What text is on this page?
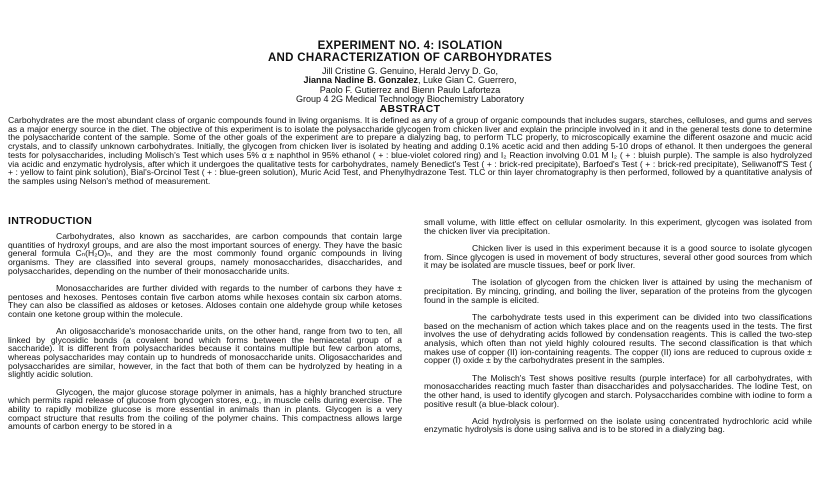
EXPERIMENT NO. 4: ISOLATION
AND CHARACTERIZATION OF CARBOHYDRATES
Jill Cristine G. Genuino, Herald Jervy D. Go,
Jianna Nadine B. Gonzalez, Luke Gian C. Guerrero,
Paolo F. Gutierrez and Bienn Paulo Laforteza
Group 4 2G Medical Technology Biochemistry Laboratory
ABSTRACT
Carbohydrates are the most abundant class of organic compounds found in living organisms. It is defined as any of a group of organic compounds that includes sugars, starches, celluloses, and gums and serves as a major energy source in the diet. The objective of this experiment is to isolate the polysaccharide glycogen from chicken liver and explain the principle involved in it and in the general tests done to determine the polysaccharide content of the sample. Some of the other goals of the experiment are to prepare a dialyzing bag, to perform TLC properly, to microscopically examine the different osazone and mucic acid crystals, and to classify unknown carbohydrates. Initially, the glycogen from chicken liver is isolated by heating and adding 0.1% acetic acid and then adding 5-10 drops of ethanol. It then undergoes the general tests for polysaccharides, including Molisch's Test which uses 5% α ± naphthol in 95% ethanol ( + : blue-violet colored ring) and I₂ Reaction involving 0.01 M I₂ ( + : bluish purple). The sample is also hydrolyzed via acidic and enzymatic hydrolysis, after which it undergoes the qualitative tests for carbohydrates, namely Benedict's Test ( + : brick-red precipitate), Barfoed's Test ( + : brick-red precipitate), Seliwanoff'S Test ( + : yellow to faint pink solution), Bial's-Orcinol Test ( + : blue-green solution), Muric Acid Test, and Phenylhydrazone Test. TLC or thin layer chromatography is then performed, followed by a quantitative analysis of the samples using Nelson's method of measurement.
INTRODUCTION

Carbohydrates, also known as saccharides, are carbon compounds that contain large quantities of hydroxyl groups, and are also the most important sources of energy. They have the basic general formula Cₙ(H₂O)ₙ, and they are the most commonly found organic compounds in living organisms. They are classified into several groups, namely monosaccharides, disaccharides, and polysaccharides, depending on the number of their monosaccharide units.

Monosaccharides are further divided with regards to the number of carbons they have ± pentoses and hexoses. Pentoses contain five carbon atoms while hexoses contain six carbon atoms. They can also be classified as aldoses or ketoses. Aldoses contain one aldehyde group while ketoses contain one ketone group within the molecule.

An oligosaccharide's monosaccharide units, on the other hand, range from two to ten, all linked by glycosidic bonds (a covalent bond which forms between the hemiacetal group of a saccharide). It is different from polysaccharides because it contains multiple but few carbon atoms, whereas polysaccharides may contain up to hundreds of monosaccharide units. Oligosaccharides and polysaccharides are similar, however, in the fact that both of them can be hydrolyzed by heating in a slightly acidic solution.

Glycogen, the major glucose storage polymer in animals, has a highly branched structure which permits rapid release of glucose from glycogen stores, e.g., in muscle cells during exercise. The ability to rapidly mobilize glucose is more essential in animals than in plants. Glycogen is a very compact structure that results from the coiling of the polymer chains. This compactness allows large amounts of carbon energy to be stored in a

small volume, with little effect on cellular osmolarity. In this experiment, glycogen was isolated from the chicken liver via precipitation.

Chicken liver is used in this experiment because it is a good source to isolate glycogen from. Since glycogen is used in movement of body structures, several other good sources from which it may be isolated are muscle tissues, beef or pork liver.

The isolation of glycogen from the chicken liver is attained by using the mechanism of precipitation. By mincing, grinding, and boiling the liver, separation of the proteins from the glycogen found in the sample is elicited.

The carbohydrate tests used in this experiment can be divided into two classifications based on the mechanism of action which takes place and on the reagents used in the tests. The first involves the use of dehydrating acids followed by condensation reagents. This is called the two-step analysis, which often than not yield highly coloured results. The second classification is that which makes use of copper (II) ion-containing reagents. The copper (II) ions are reduced to cuprous oxide ± copper (I) oxide ± by the carbohydrates present in the samples.

The Molisch's Test shows positive results (purple interface) for all carbohydrates, with monosaccharides reacting much faster than disaccharides and polysaccharides. The Iodine Test, on the other hand, is used to identify glycogen and starch. Polysaccharides combine with iodine to form a positive result (a blue-black colour).

Acid hydrolysis is performed on the isolate using concentrated hydrochloric acid while enzymatic hydrolysis is done using saliva and is to be stored in a dialyzing bag.
